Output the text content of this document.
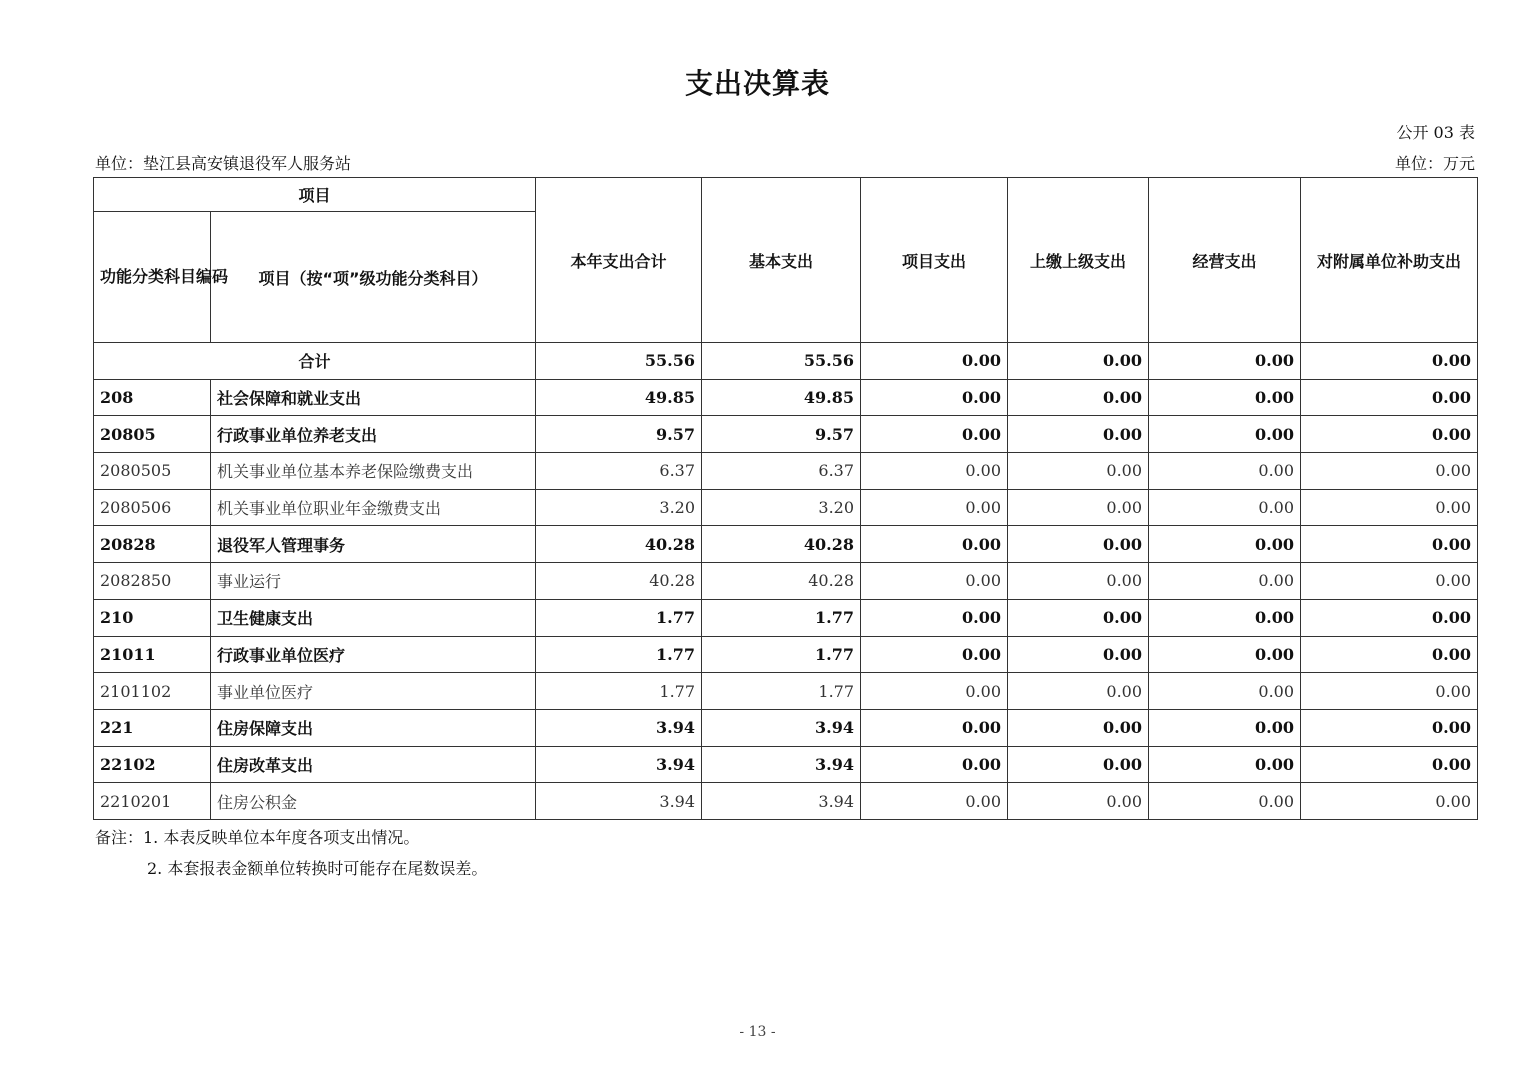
支出决算表
公开 03 表
单位：垫江县高安镇退役军人服务站	单位：万元
项目		本年支出合计	基本支出	项目支出	上缴上级支出	经营支出	对附属单位补助支出
功能分类科目编码	项目（按“项”级功能分类科目）						
合计		55.56	55.56	0.00	0.00	0.00	0.00
208	社会保障和就业支出	49.85	49.85	0.00	0.00	0.00	0.00
20805	行政事业单位养老支出	9.57	9.57	0.00	0.00	0.00	0.00
2080505	机关事业单位基本养老保险缴费支出	6.37	6.37	0.00	0.00	0.00	0.00
2080506	机关事业单位职业年金缴费支出	3.20	3.20	0.00	0.00	0.00	0.00
20828	退役军人管理事务	40.28	40.28	0.00	0.00	0.00	0.00
2082850	事业运行	40.28	40.28	0.00	0.00	0.00	0.00
210	卫生健康支出	1.77	1.77	0.00	0.00	0.00	0.00
21011	行政事业单位医疗	1.77	1.77	0.00	0.00	0.00	0.00
2101102	事业单位医疗	1.77	1.77	0.00	0.00	0.00	0.00
221	住房保障支出	3.94	3.94	0.00	0.00	0.00	0.00
22102	住房改革支出	3.94	3.94	0.00	0.00	0.00	0.00
2210201	住房公积金	3.94	3.94	0.00	0.00	0.00	0.00
备注：1. 本表反映单位本年度各项支出情况。
2. 本套报表金额单位转换时可能存在尾数误差。
- 13 -
